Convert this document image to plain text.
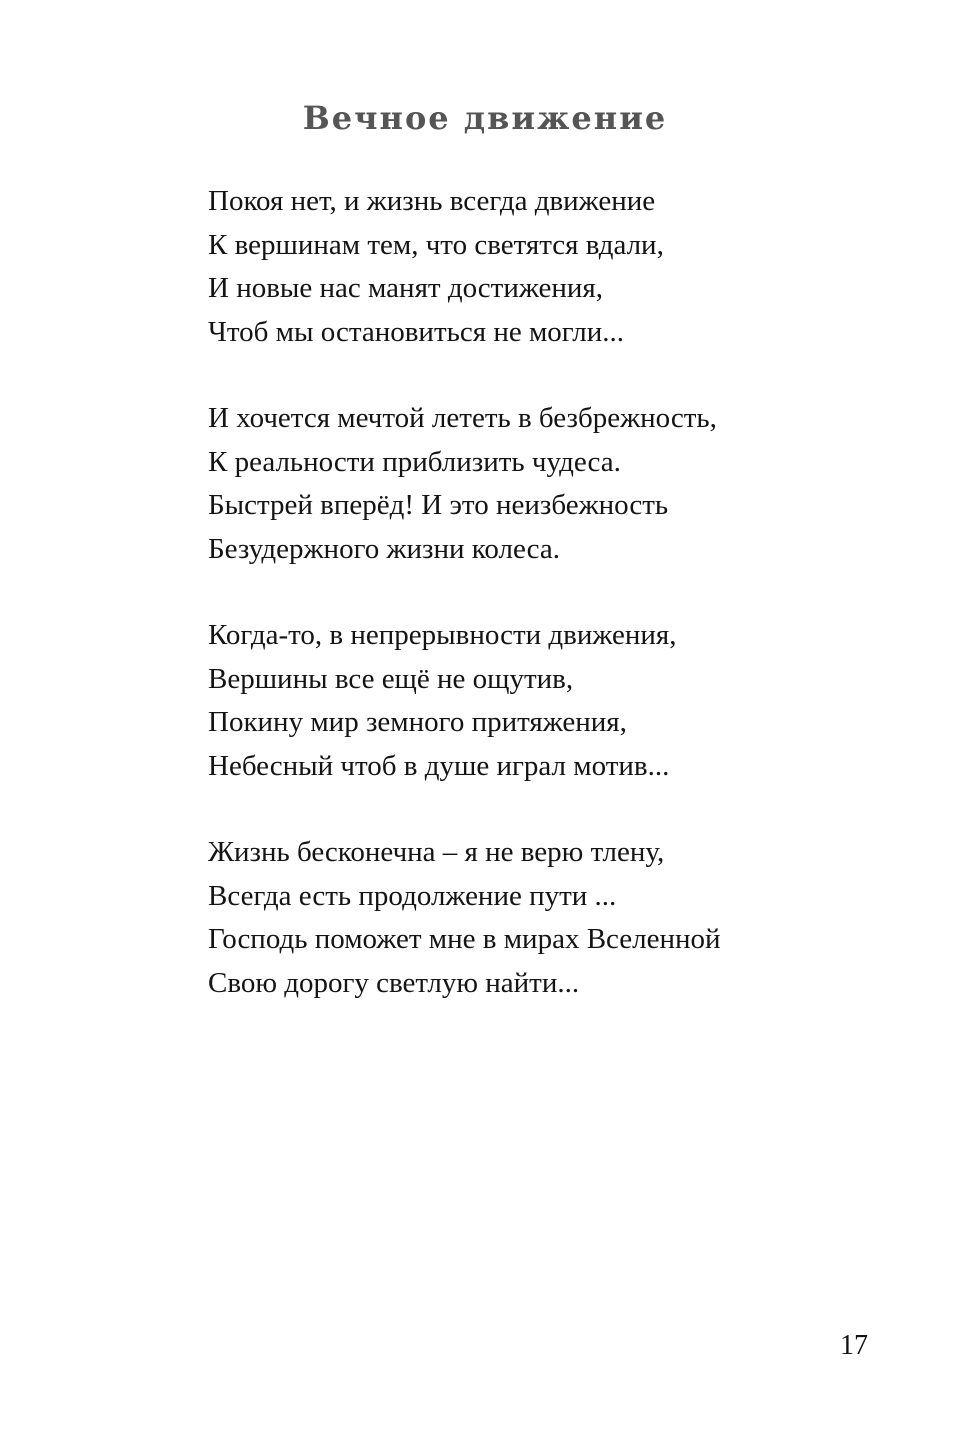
Вечное движение
Покоя нет, и жизнь всегда движение
К вершинам тем, что светятся вдали,
И новые нас манят достижения,
Чтоб мы остановиться не могли...
И хочется мечтой лететь в безбрежность,
К реальности приблизить чудеса.
Быстрей вперёд! И это неизбежность
Безудержного жизни колеса.
Когда-то, в непрерывности движения,
Вершины все ещё не ощутив,
Покину мир земного притяжения,
Небесный чтоб в душе играл мотив...
Жизнь бесконечна – я не верю тлену,
Всегда есть продолжение пути ...
Господь поможет мне в мирах Вселенной
Свою дорогу светлую найти...
17
